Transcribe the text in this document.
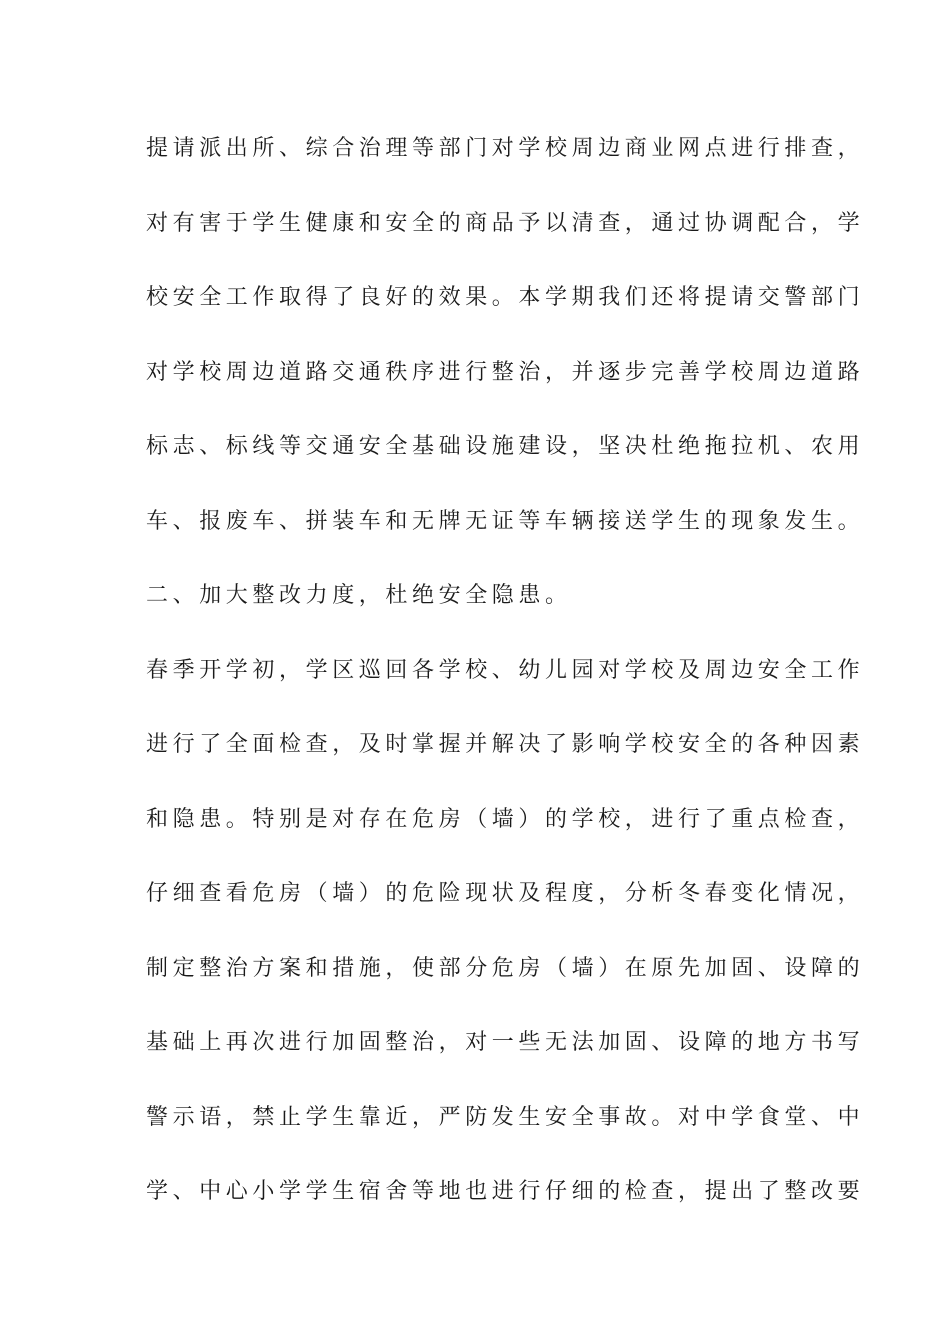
提请派出所、综合治理等部门对学校周边商业网点进行排查，
对有害于学生健康和安全的商品予以清查，通过协调配合，学
校安全工作取得了良好的效果。本学期我们还将提请交警部门
对学校周边道路交通秩序进行整治，并逐步完善学校周边道路
标志、标线等交通安全基础设施建设，坚决杜绝拖拉机、农用
车、报废车、拼装车和无牌无证等车辆接送学生的现象发生。
二、加大整改力度，杜绝安全隐患。
春季开学初，学区巡回各学校、幼儿园对学校及周边安全工作
进行了全面检查，及时掌握并解决了影响学校安全的各种因素
和隐患。特别是对存在危房（墙）的学校，进行了重点检查，
仔细查看危房（墙）的危险现状及程度，分析冬春变化情况，
制定整治方案和措施，使部分危房（墙）在原先加固、设障的
基础上再次进行加固整治，对一些无法加固、设障的地方书写
警示语，禁止学生靠近，严防发生安全事故。对中学食堂、中
学、中心小学学生宿舍等地也进行仔细的检查，提出了整改要
